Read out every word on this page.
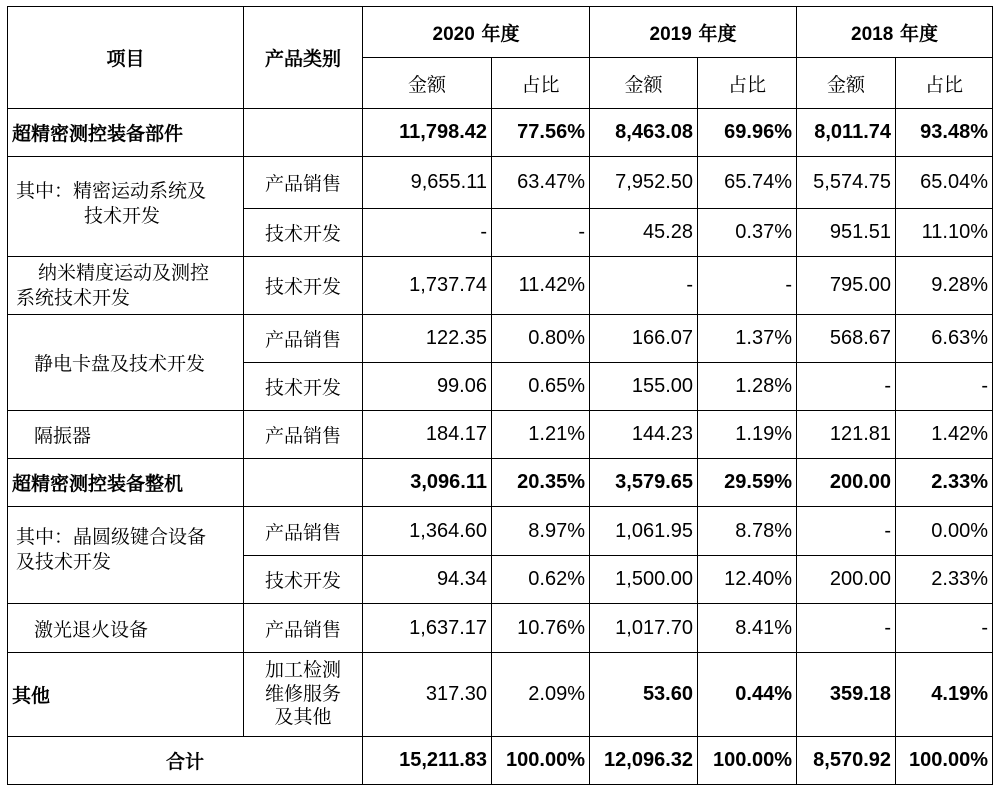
项目	产品类别	2020 年度		2019 年度		2018 年度	
		金额	占比	金额	占比	金额	占比
超精密测控装备部件		11,798.42	77.56%	8,463.08	69.96%	8,011.74	93.48%

其中：精密运动系统及
技术开发	产品销售	9,655.11	63.47%	7,952.50	65.74%	5,574.75	65.04%
	技术开发	-	-	45.28	0.37%	951.51	11.10%

纳米精度运动及测控
系统技术开发	技术开发	1,737.74	11.42%	-	-	795.00	9.28%
静电卡盘及技术开发	产品销售	122.35	0.80%	166.07	1.37%	568.67	6.63%
	技术开发	99.06	0.65%	155.00	1.28%	-	-
隔振器	产品销售	184.17	1.21%	144.23	1.19%	121.81	1.42%
超精密测控装备整机		3,096.11	20.35%	3,579.65	29.59%	200.00	2.33%

其中：晶圆级键合设备
及技术开发	产品销售	1,364.60	8.97%	1,061.95	8.78%	-	0.00%
	技术开发	94.34	0.62%	1,500.00	12.40%	200.00	2.33%
激光退火设备	产品销售	1,637.17	10.76%	1,017.70	8.41%	-	-
其他	加工检测
维修服务
及其他	317.30	2.09%	53.60	0.44%	359.18	4.19%
合计		15,211.83	100.00%	12,096.32	100.00%	8,570.92	100.00%
